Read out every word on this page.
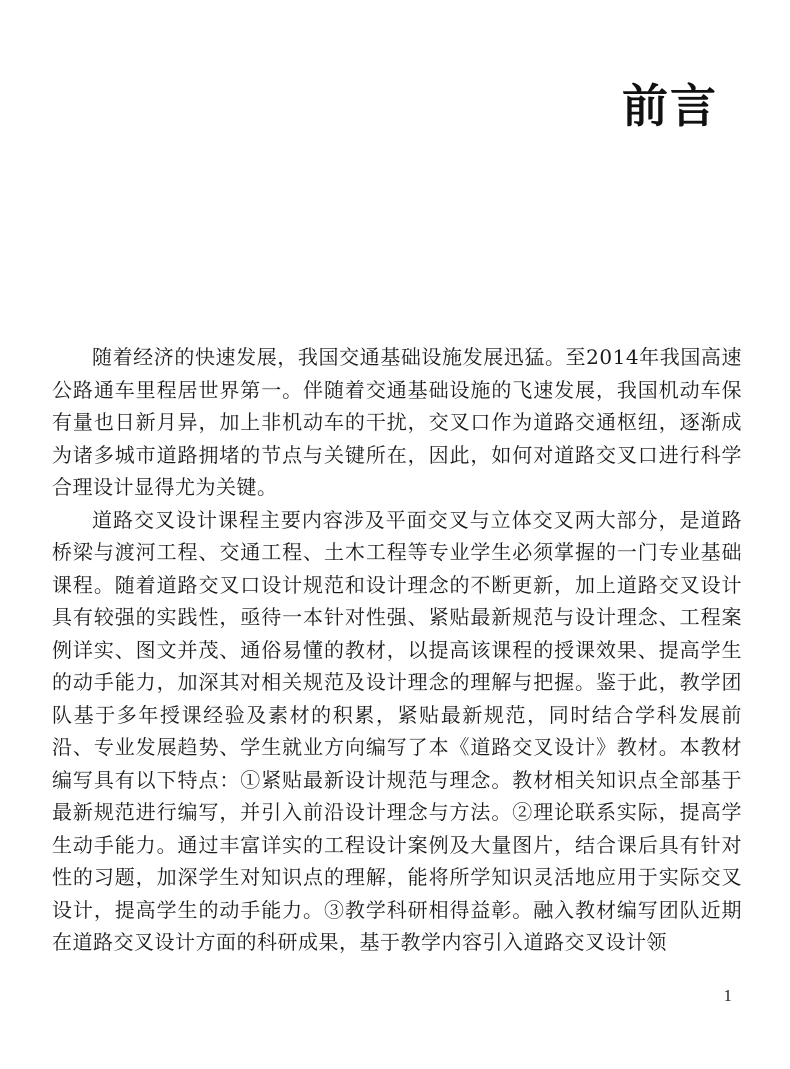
前言

随着经济的快速发展，我国交通基础设施发展迅猛。至2014年我国高速公路通车里程居世界第一。伴随着交通基础设施的飞速发展，我国机动车保有量也日新月异，加上非机动车的干扰，交叉口作为道路交通枢纽，逐渐成为诸多城市道路拥堵的节点与关键所在，因此，如何对道路交叉口进行科学合理设计显得尤为关键。

道路交叉设计课程主要内容涉及平面交叉与立体交叉两大部分，是道路桥梁与渡河工程、交通工程、土木工程等专业学生必须掌握的一门专业基础课程。随着道路交叉口设计规范和设计理念的不断更新，加上道路交叉设计具有较强的实践性，亟待一本针对性强、紧贴最新规范与设计理念、工程案例详实、图文并茂、通俗易懂的教材，以提高该课程的授课效果、提高学生的动手能力，加深其对相关规范及设计理念的理解与把握。鉴于此，教学团队基于多年授课经验及素材的积累，紧贴最新规范，同时结合学科发展前沿、专业发展趋势、学生就业方向编写了本《道路交叉设计》教材。本教材编写具有以下特点：①紧贴最新设计规范与理念。教材相关知识点全部基于最新规范进行编写，并引入前沿设计理念与方法。②理论联系实际，提高学生动手能力。通过丰富详实的工程设计案例及大量图片，结合课后具有针对性的习题，加深学生对知识点的理解，能将所学知识灵活地应用于实际交叉设计，提高学生的动手能力。③教学科研相得益彰。融入教材编写团队近期在道路交叉设计方面的科研成果，基于教学内容引入道路交叉设计领

1
